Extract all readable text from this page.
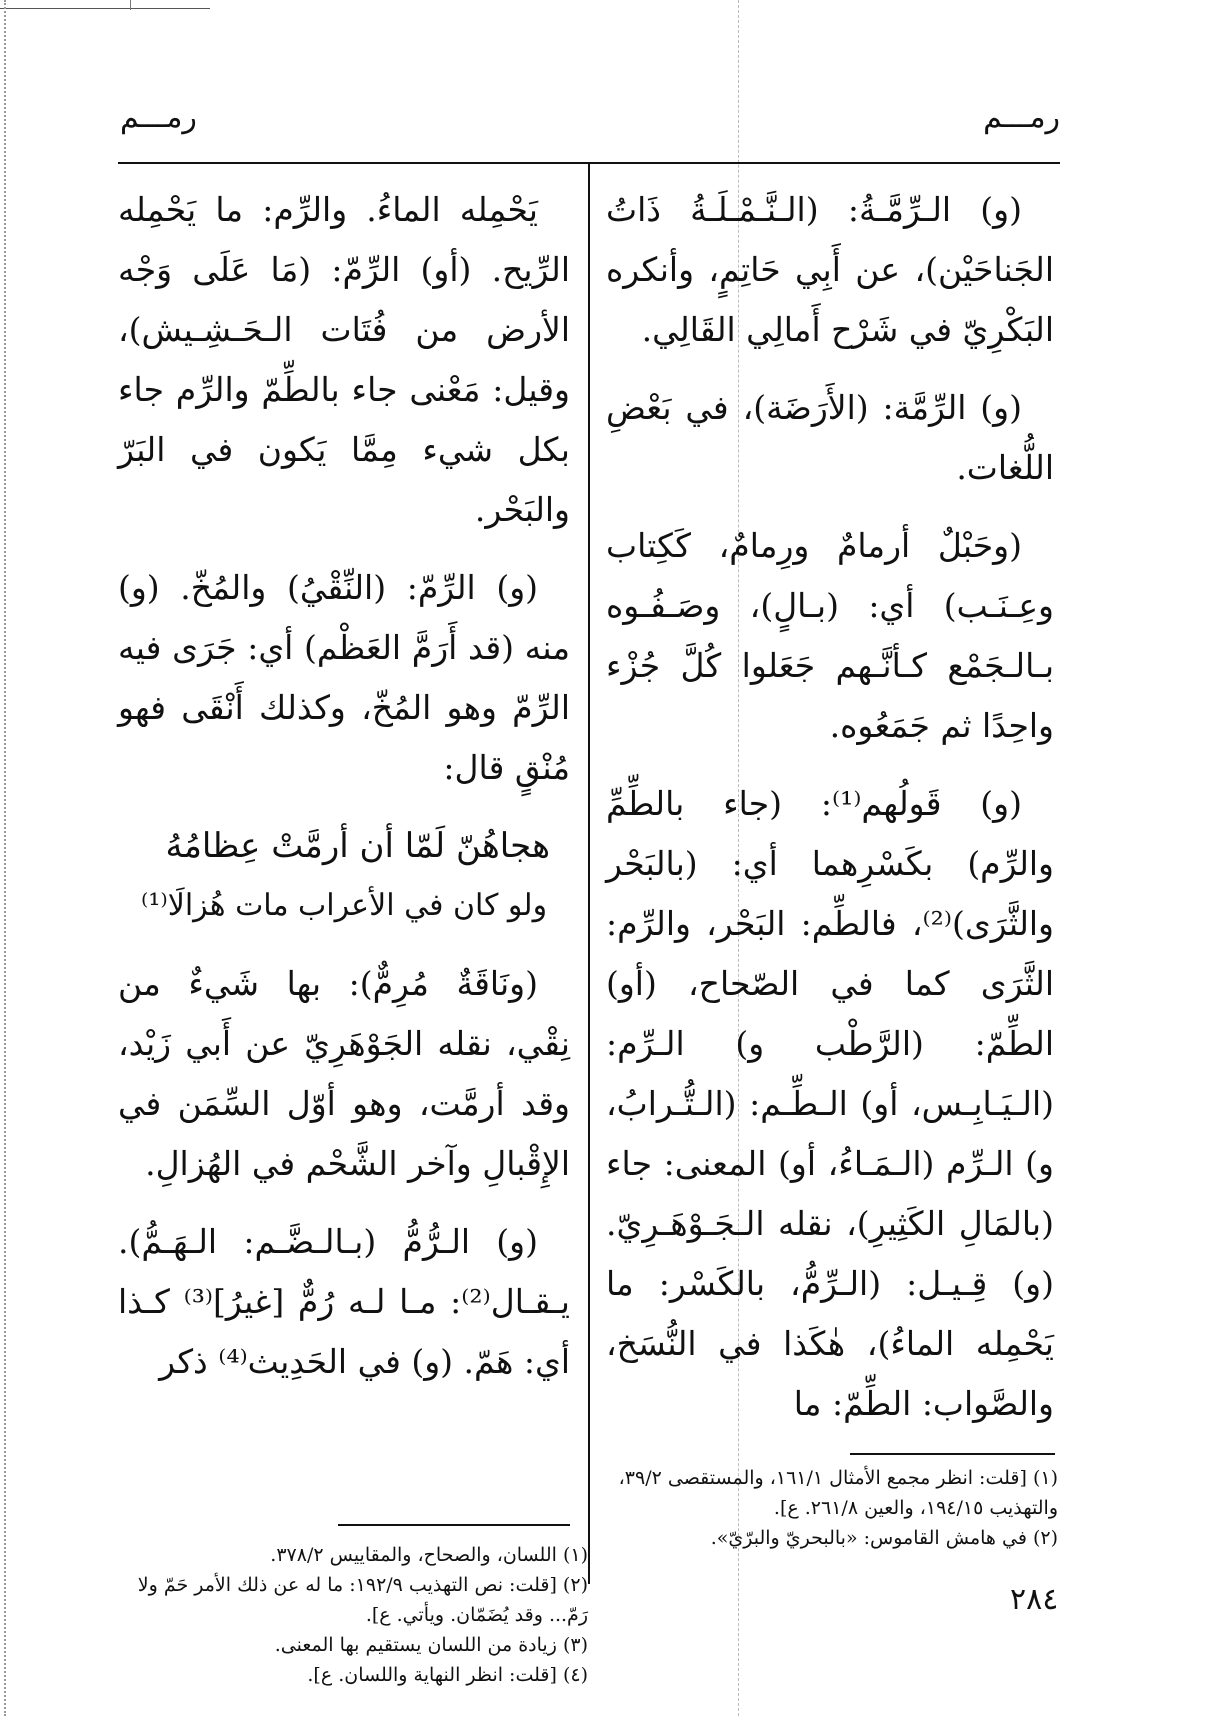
رمـــم
رمـــم

(و) الـرِّمَّـةُ: (الـنَّـمْـلَـةُ ذَاتُ الجَناحَيْن)، عن أَبِي حَاتِمٍ، وأنكره البَكْرِيّ في شَرْح أَمالِي القَالِي.

(و) الرِّمَّة: (الأَرَضَة)، في بَعْضِ اللُّغات.

(وحَبْلٌ أرمامٌ ورِمامٌ، كَكِتاب وعِـنَـب) أي: (بـالٍ)، وصَـفُـوه بـالـجَمْع كـأنَّـهم جَعَلوا كُلَّ جُزْء واحِدًا ثم جَمَعُوه.

(و) قَولُهم⁽¹⁾: (جاء بالطِّمِّ والرِّم) بكَسْرِهما أي: (بالبَحْر والثَّرَى)⁽²⁾، فالطِّم: البَحْر، والرِّم: الثَّرَى كما في الصّحاح، (أو) الطِّمّ: (الرَّطْب و) الـرِّم: (الـيَـابِـس، أو) الـطِّـم: (الـتُّـرابُ، و) الـرِّم (الـمَـاءُ، أو) المعنى: جاء (بالمَالِ الكَثِيرِ)، نقله الـجَـوْهَـرِيّ. (و) قِـيـل: (الـرِّمُّ، بالكَسْر: ما يَحْمِله الماءُ)، هٰكَذا في النُّسَخ، والصَّواب: الطِّمّ: ما

يَحْمِله الماءُ. والرِّم: ما يَحْمِله الرِّيح. (أو) الرِّمّ: (مَا عَلَى وَجْه الأرض من فُتَات الـحَـشِـيش)، وقيل: مَعْنى جاء بالطِّمّ والرِّم جاء بكل شيء مِمَّا يَكون في البَرّ والبَحْر.

(و) الرِّمّ: (النِّقْيُ) والمُخّ. (و) منه (قد أَرَمَّ العَظْم) أي: جَرَى فيه الرِّمّ وهو المُخّ، وكذلك أَنْقَى فهو مُنْقٍ قال:

هجاهُنّ لَمّا أن أرمَّتْ عِظامُهُ

ولو كان في الأعراب مات هُزالَا⁽¹⁾

(ونَاقَةٌ مُرِمٌّ): بها شَيءٌ من نِقْي، نقله الجَوْهَرِيّ عن أَبي زَيْد، وقد أرمَّت، وهو أوّل السِّمَن في الإِقْبالِ وآخر الشَّحْم في الهُزالِ.

(و) الـرُّمُّ (بـالـضَّـم: الـهَـمُّ). يـقـال⁽²⁾: مـا لـه رُمٌّ [غيرُ]⁽³⁾ كـذا أي: هَمّ. (و) في الحَدِيث⁽⁴⁾ ذكر

(١) [قلت: انظر مجمع الأمثال ١٦١/١، والمستقصى ٣٩/٢، والتهذيب ١٩٤/١٥، والعين ٢٦١/٨. ع].

(٢) في هامش القاموس: «بالبحريّ والبرّيّ».

(١) اللسان، والصحاح، والمقاييس ٣٧٨/٢.

(٢) [قلت: نص التهذيب ١٩٢/٩: ما له عن ذلك الأمر حَمّ ولا رَمّ... وقد يُضَمّان. ويأتي. ع].

(٣) زيادة من اللسان يستقيم بها المعنى.

(٤) [قلت: انظر النهاية واللسان. ع].

٢٨٤
